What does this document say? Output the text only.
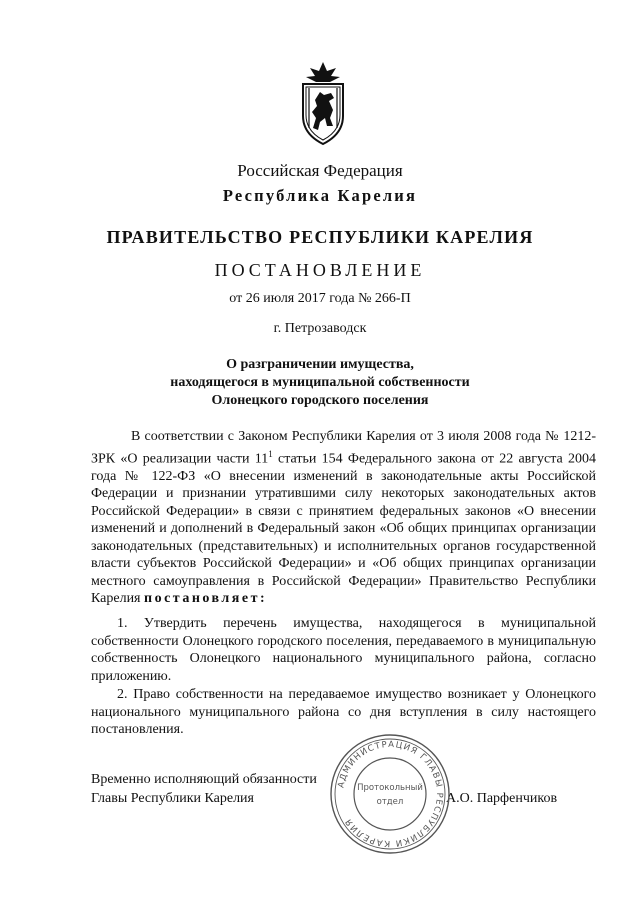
Российская Федерация
Республика Карелия
ПРАВИТЕЛЬСТВО РЕСПУБЛИКИ КАРЕЛИЯ
ПОСТАНОВЛЕНИЕ
от 26 июля 2017 года № 266-П
г. Петрозаводск
О разграничении имущества,
находящегося в муниципальной собственности
Олонецкого городского поселения
В соответствии с Законом Республики Карелия от 3 июля 2008 года № 1212-ЗРК «О реализации части $11^1$ статьи 154 Федерального закона от 22 августа 2004 года № 122-ФЗ «О внесении изменений в законодательные акты Российской Федерации и признании утратившими силу некоторых законодательных актов Российской Федерации» в связи с принятием федеральных законов «О внесении изменений и дополнений в Федеральный закон «Об общих принципах организации законодательных (представительных) и исполнительных органов государственной власти субъектов Российской Федерации» и «Об общих принципах организации местного самоуправления в Российской Федерации» Правительство Республики Карелия постановляет:
1. Утвердить перечень имущества, находящегося в муниципальной собственности Олонецкого городского поселения, передаваемого в муниципальную собственность Олонецкого национального муниципального района, согласно приложению.
2. Право собственности на передаваемое имущество возникает у Олонецкого национального муниципального района со дня вступления в силу настоящего постановления.
Временно исполняющий обязанности
Главы Республики Карелия	А.О. Парфенчиков
АДМИНИСТРАЦИЯ ГЛАВЫ РЕСПУБЛИКИ КАРЕЛИЯ
Протокольный
отдел
